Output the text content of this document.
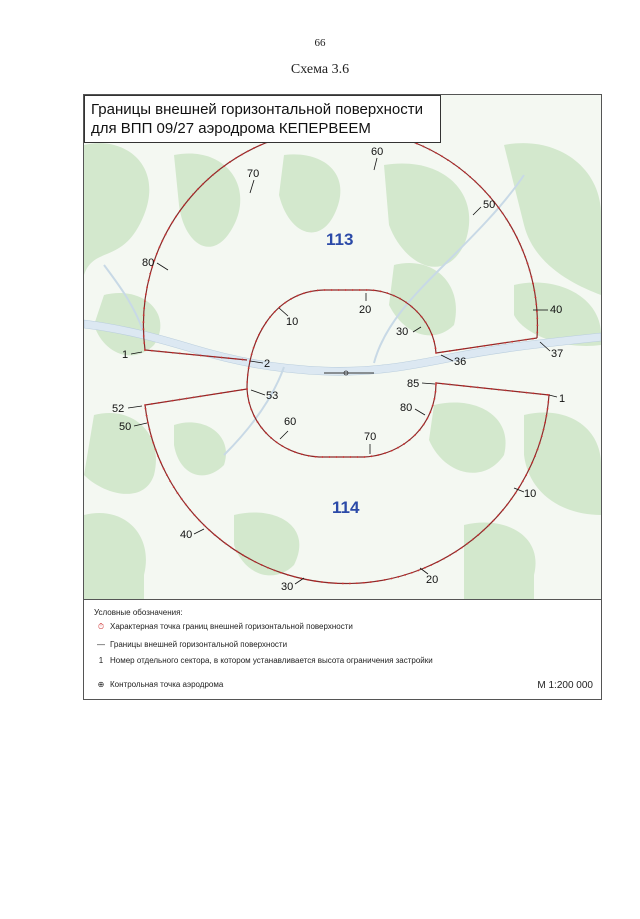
66
Схема 3.6
113
114
60
70
50
80
40
20
10
30
1
2	36
37
85
1
52
53
50
80
60
70
10
40
30
20
Границы внешней горизонтальной поверхности
для ВПП 09/27 аэродрома КЕПЕРВЕЕМ
Условные обозначения:
⏱ Характерная точка границ внешней горизонтальной поверхности
— Границы внешней горизонтальной поверхности
1 Номер отдельного сектора, в котором устанавливается высота ограничения застройки
⊕ Контрольная точка аэродрома	М 1:200 000
